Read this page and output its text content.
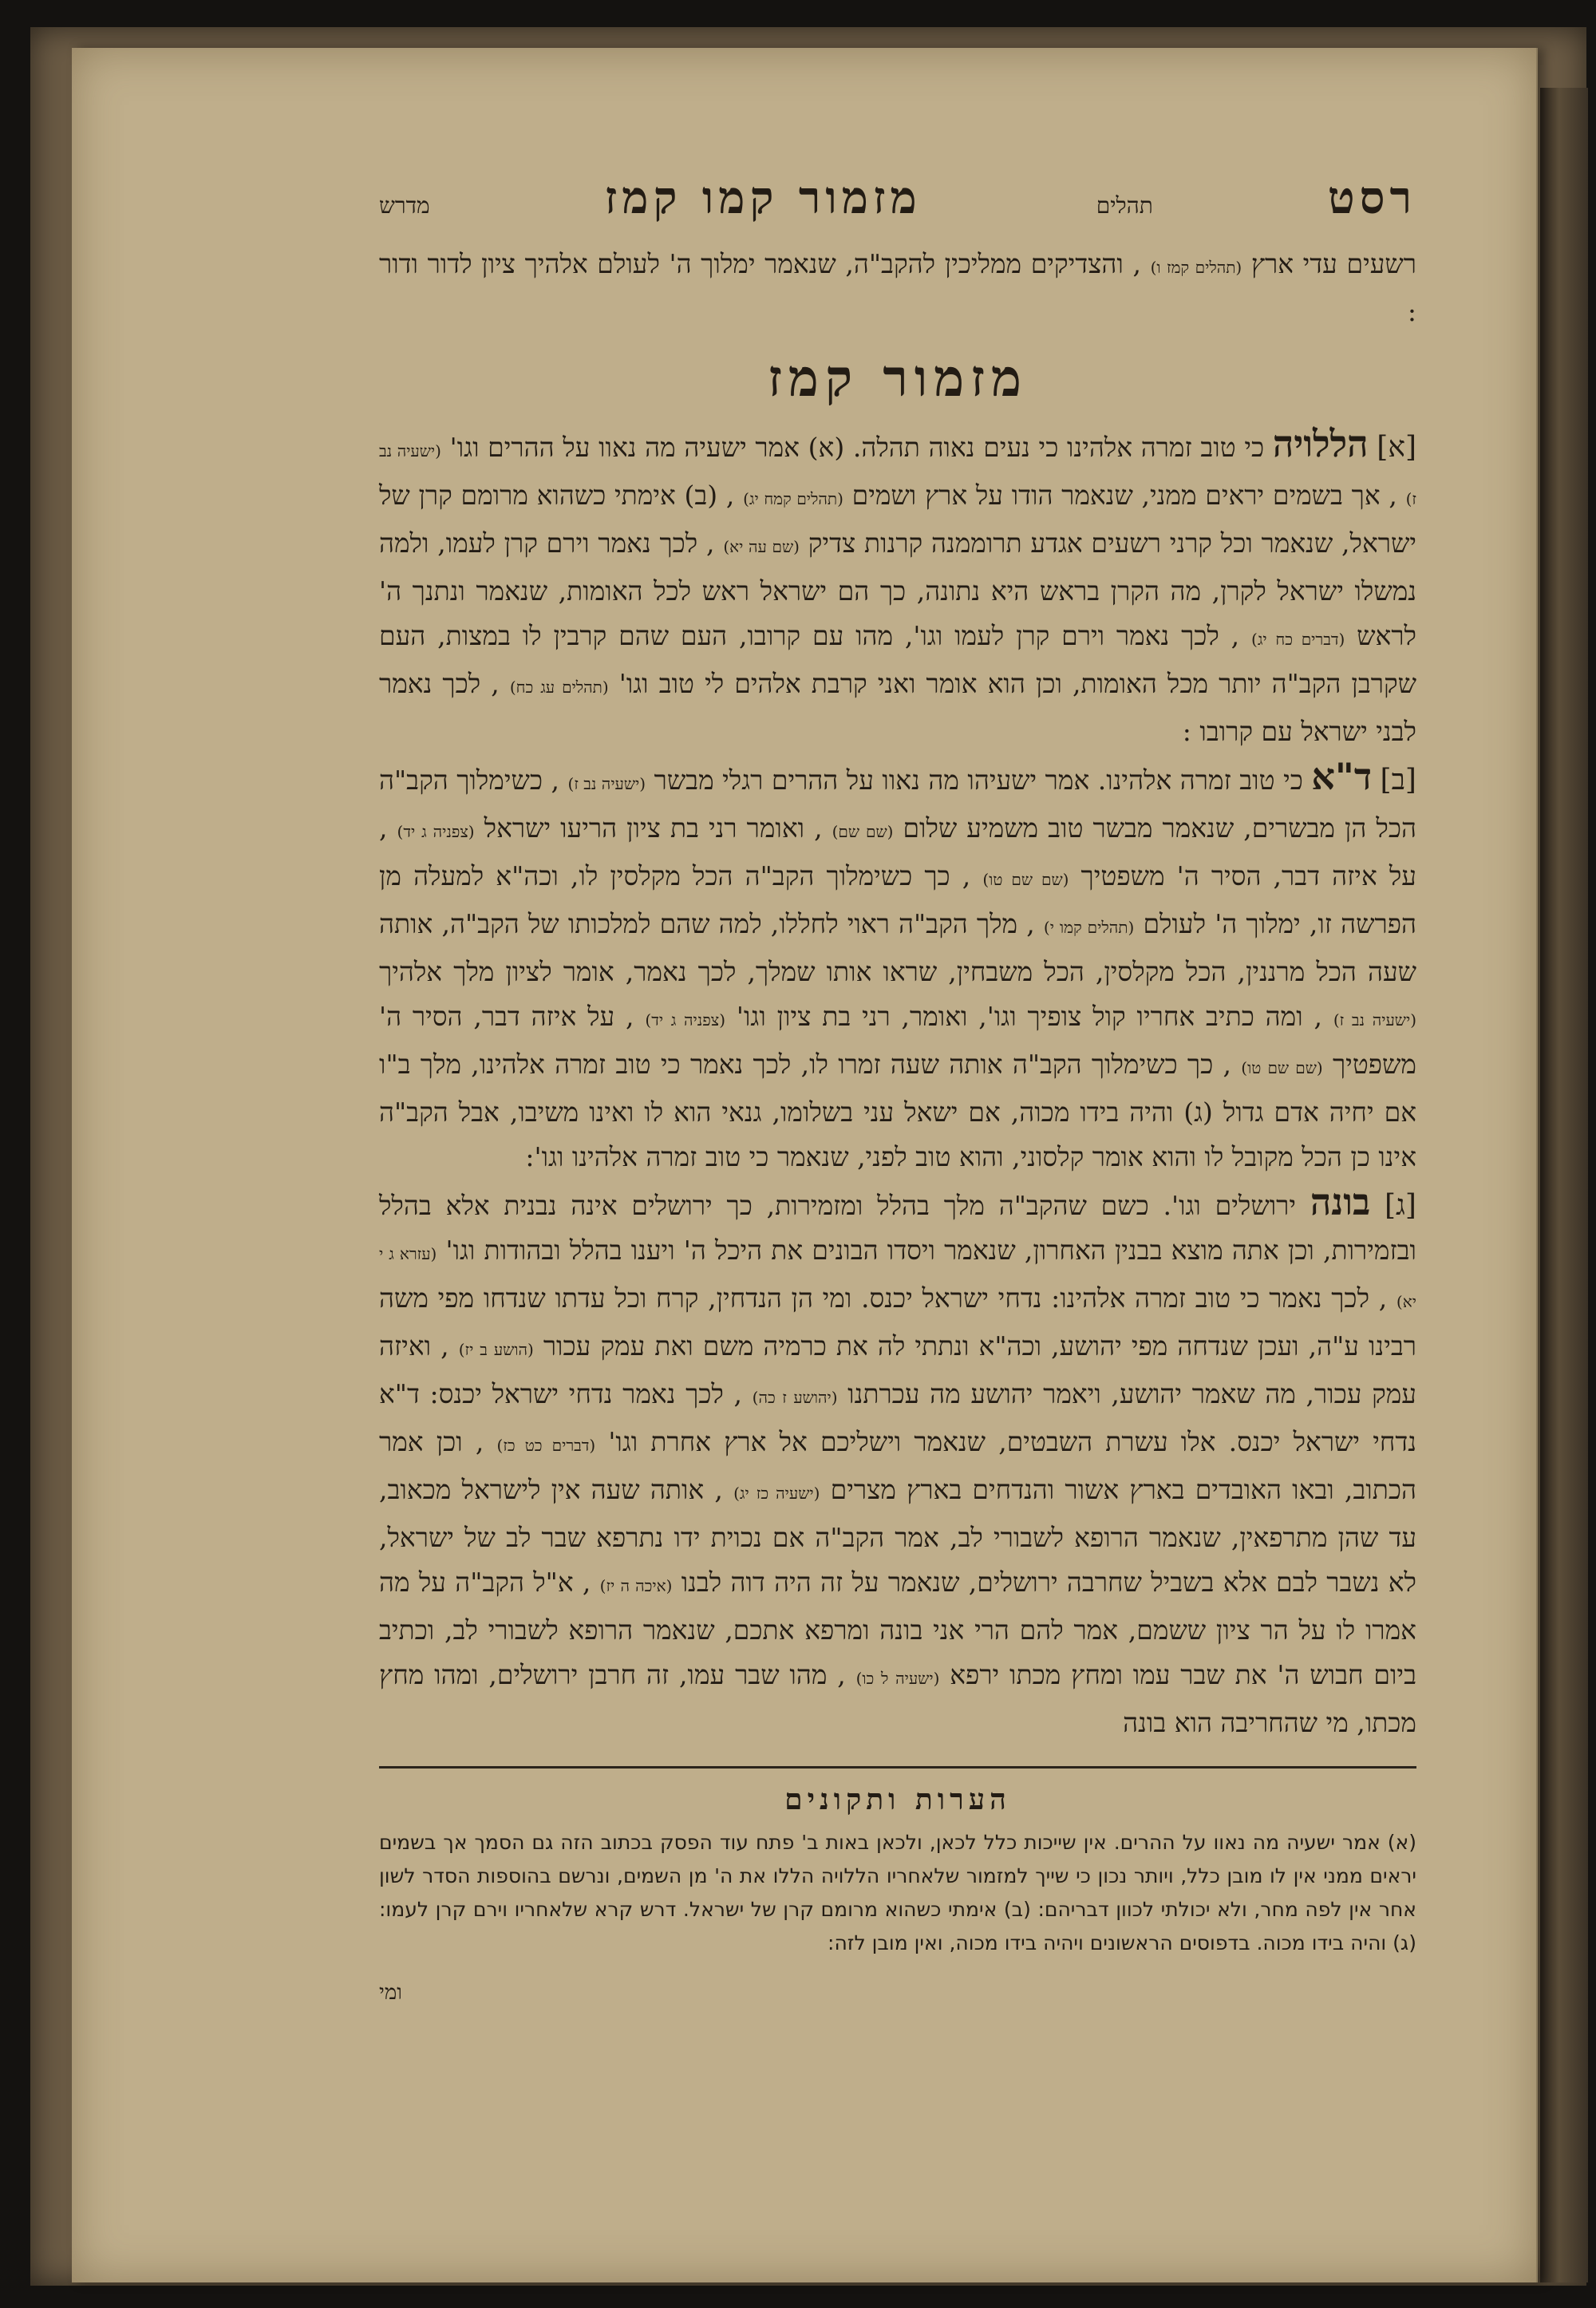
רסט
תהלים
מזמור קמו קמז
מדרש

רשעים עדי ארץ (תהלים קמז ו) , והצדיקים ממליכין להקב"ה, שנאמר ימלוך ה' לעולם אלהיך ציון לדור ודור :

מזמור קמז

[א] הללויה כי טוב זמרה אלהינו כי נעים נאוה תהלה. (א) אמר ישעיה מה נאוו על ההרים וגו' (ישעיה נב ז) , אך בשמים יראים ממני, שנאמר הודו על ארץ ושמים (תהלים קמח יג) , (ב) אימתי כשהוא מרומם קרן של ישראל, שנאמר וכל קרני רשעים אגדע תרוממנה קרנות צדיק (שם עה יא) , לכך נאמר וירם קרן לעמו, ולמה נמשלו ישראל לקרן, מה הקרן בראש היא נתונה, כך הם ישראל ראש לכל האומות, שנאמר ונתנך ה' לראש (דברים כח יג) , לכך נאמר וירם קרן לעמו וגו', מהו עם קרובו, העם שהם קרבין לו במצות, העם שקרבן הקב"ה יותר מכל האומות, וכן הוא אומר ואני קרבת אלהים לי טוב וגו' (תהלים עג כח) , לכך נאמר לבני ישראל עם קרובו :

[ב] ד"א כי טוב זמרה אלהינו. אמר ישעיהו מה נאוו על ההרים רגלי מבשר (ישעיה נב ז) , כשימלוך הקב"ה הכל הן מבשרים, שנאמר מבשר טוב משמיע שלום (שם שם) , ואומר רני בת ציון הריעו ישראל (צפניה ג יד) , על איזה דבר, הסיר ה' משפטיך (שם שם טו) , כך כשימלוך הקב"ה הכל מקלסין לו, וכה"א למעלה מן הפרשה זו, ימלוך ה' לעולם (תהלים קמו י) , מלך הקב"ה ראוי לחללו, למה שהם למלכותו של הקב"ה, אותה שעה הכל מרננין, הכל מקלסין, הכל משבחין, שראו אותו שמלך, לכך נאמר, אומר לציון מלך אלהיך (ישעיה נב ז) , ומה כתיב אחריו קול צופיך וגו', ואומר, רני בת ציון וגו' (צפניה ג יד) , על איזה דבר, הסיר ה' משפטיך (שם שם טו) , כך כשימלוך הקב"ה אותה שעה זמרו לו, לכך נאמר כי טוב זמרה אלהינו, מלך ב"ו אם יחיה אדם גדול (ג) והיה בידו מכוה, אם ישאל עני בשלומו, גנאי הוא לו ואינו משיבו, אבל הקב"ה אינו כן הכל מקובל לו והוא אומר קלסוני, והוא טוב לפני, שנאמר כי טוב זמרה אלהינו וגו':

[ג] בונה ירושלים וגו'. כשם שהקב"ה מלך בהלל ומזמירות, כך ירושלים אינה נבנית אלא בהלל ובזמירות, וכן אתה מוצא בבנין האחרון, שנאמר ויסדו הבונים את היכל ה' ויענו בהלל ובהודות וגו' (עזרא ג י יא) , לכך נאמר כי טוב זמרה אלהינו: נדחי ישראל יכנס. ומי הן הנדחין, קרח וכל עדתו שנדחו מפי משה רבינו ע"ה, ועכן שנדחה מפי יהושע, וכה"א ונתתי לה את כרמיה משם ואת עמק עכור (הושע ב יז) , ואיזה עמק עכור, מה שאמר יהושע, ויאמר יהושע מה עכרתנו (יהושע ז כה) , לכך נאמר נדחי ישראל יכנס: ד"א נדחי ישראל יכנס. אלו עשרת השבטים, שנאמר וישליכם אל ארץ אחרת וגו' (דברים כט כז) , וכן אמר הכתוב, ובאו האובדים בארץ אשור והנדחים בארץ מצרים (ישעיה כז יג) , אותה שעה אין לישראל מכאוב, עד שהן מתרפאין, שנאמר הרופא לשבורי לב, אמר הקב"ה אם נכוית ידו נתרפא שבר לב של ישראל, לא נשבר לבם אלא בשביל שחרבה ירושלים, שנאמר על זה היה דוה לבנו (איכה ה יז) , א"ל הקב"ה על מה אמרו לו על הר ציון ששמם, אמר להם הרי אני בונה ומרפא אתכם, שנאמר הרופא לשבורי לב, וכתיב ביום חבוש ה' את שבר עמו ומחץ מכתו ירפא (ישעיה ל כו) , מהו שבר עמו, זה חרבן ירושלים, ומהו מחץ מכתו, מי שהחריבה הוא בונה

הערות ותקונים

(א) אמר ישעיה מה נאוו על ההרים. אין שייכות כלל לכאן, ולכאן באות ב' פתח עוד הפסק בכתוב הזה גם הסמך אך בשמים יראים ממני אין לו מובן כלל, ויותר נכון כי שייך למזמור שלאחריו הללויה הללו את ה' מן השמים, ונרשם בהוספות הסדר לשון אחר אין לפה מחר, ולא יכולתי לכוון דבריהם: (ב) אימתי כשהוא מרומם קרן של ישראל. דרש קרא שלאחריו וירם קרן לעמו: (ג) והיה בידו מכוה. בדפוסים הראשונים ויהיה בידו מכוה, ואין מובן לזה:

ומי
